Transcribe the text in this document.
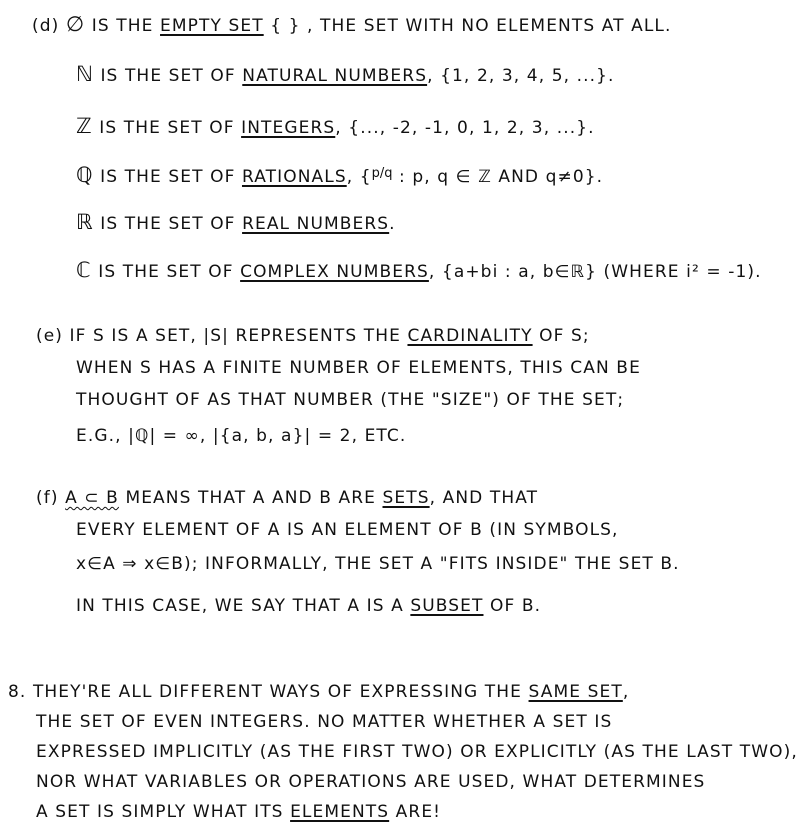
(d) ∅ IS THE EMPTY SET { } , THE SET WITH NO ELEMENTS AT ALL.
ℕ IS THE SET OF NATURAL NUMBERS, {1, 2, 3, 4, 5, ...}.
ℤ IS THE SET OF INTEGERS, {..., -2, -1, 0, 1, 2, 3, ...}.
ℚ IS THE SET OF RATIONALS, {p/q : p, q ∈ ℤ AND q≠0}.
ℝ IS THE SET OF REAL NUMBERS.
ℂ IS THE SET OF COMPLEX NUMBERS, {a+bi : a, b∈ℝ} (WHERE i² = -1).
(e) IF S IS A SET, |S| REPRESENTS THE CARDINALITY OF S;
WHEN S HAS A FINITE NUMBER OF ELEMENTS, THIS CAN BE
THOUGHT OF AS THAT NUMBER (THE "SIZE") OF THE SET;
E.G., |ℚ| = ∞, |{a, b, a}| = 2, ETC.
(f) A ⊂ B MEANS THAT A AND B ARE SETS, AND THAT
EVERY ELEMENT OF A IS AN ELEMENT OF B (IN SYMBOLS,
x∈A ⇒ x∈B); INFORMALLY, THE SET A "FITS INSIDE" THE SET B.
IN THIS CASE, WE SAY THAT A IS A SUBSET OF B.
8. THEY'RE ALL DIFFERENT WAYS OF EXPRESSING THE SAME SET,
THE SET OF EVEN INTEGERS. NO MATTER WHETHER A SET IS
EXPRESSED IMPLICITLY (AS THE FIRST TWO) OR EXPLICITLY (AS THE LAST TWO),
NOR WHAT VARIABLES OR OPERATIONS ARE USED, WHAT DETERMINES
A SET IS SIMPLY WHAT ITS ELEMENTS ARE!
